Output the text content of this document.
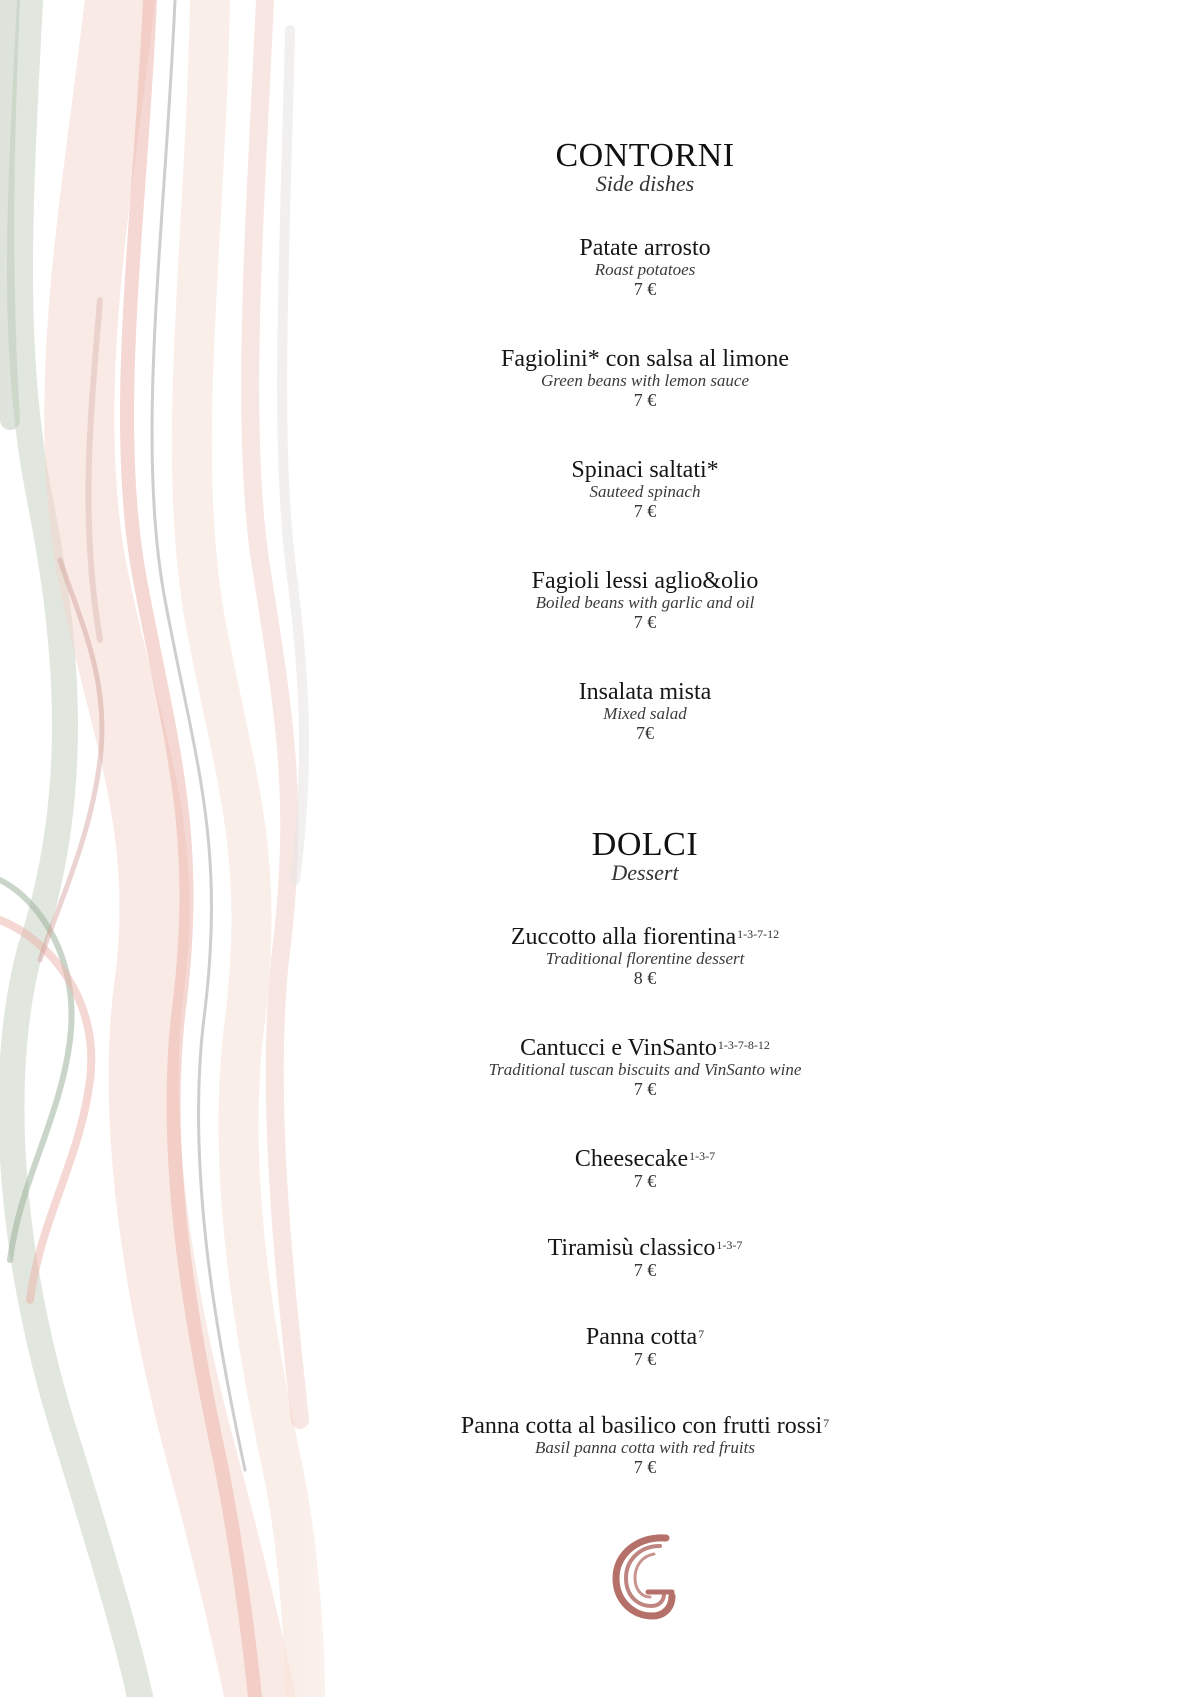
CONTORNI
Side dishes
Patate arrosto
Roast potatoes
7 €
Fagiolini* con salsa al limone
Green beans with lemon sauce
7 €
Spinaci saltati*
Sauteed spinach
7 €
Fagioli lessi aglio&olio
Boiled beans with garlic and oil
7 €
Insalata mista
Mixed salad
7€
DOLCI
Dessert
Zuccotto alla fiorentina$^{1-3-7-12}$
Traditional florentine dessert
8 €
Cantucci e VinSanto$^{1-3-7-8-12}$
Traditional tuscan biscuits and VinSanto wine
7 €
Cheesecake$^{1-3-7}$
7 €
Tiramisù classico$^{1-3-7}$
7 €
Panna cotta$^7$
7 €
Panna cotta al basilico con frutti rossi$^7$
Basil panna cotta with red fruits
7 €
